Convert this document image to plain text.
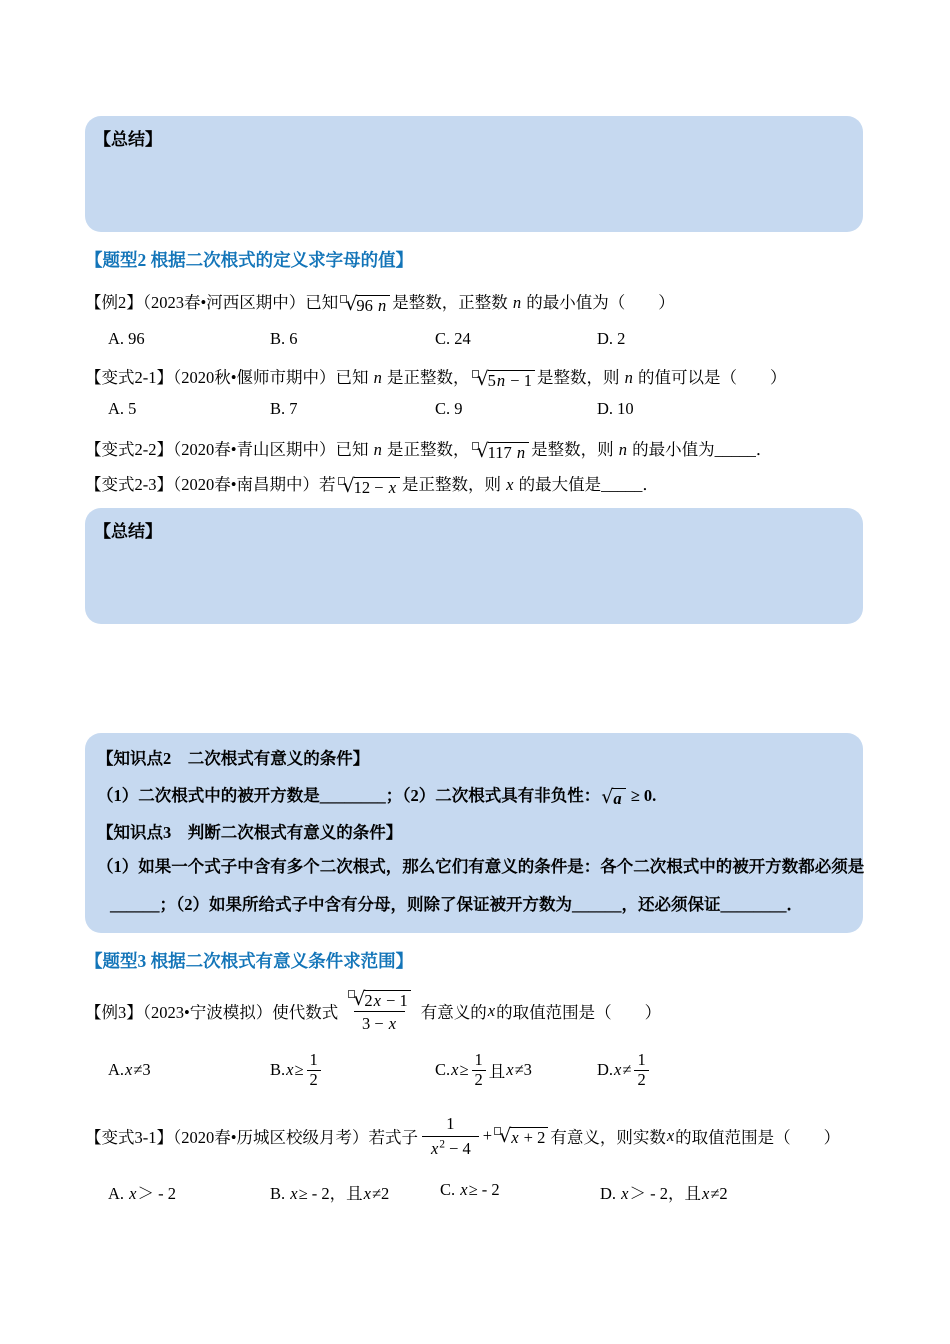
【总结】
【题型2 根据二次根式的定义求字母的值】
【例2】（2023春•河西区期中）已知 √ 96 n 是整数，正整数 n 的最小值为（　　）
A. 96	B. 6	C. 24	D. 2
【变式2-1】（2020秋•偃师市期中）已知 n 是正整数， √ 5n − 1 是整数，则 n 的值可以是（　　）
A. 5	B. 7	C. 9	D. 10
【变式2-2】（2020春•青山区期中）已知 n 是正整数， √ 117 n 是整数，则 n 的最小值为_____．
【变式2-3】（2020春•南昌期中）若 √ 12 − x 是正整数，则 x 的最大值是_____．
【总结】
【知识点2　二次根式有意义的条件】
（1）二次根式中的被开方数是________；（2）二次根式具有非负性： √ a ≥ 0.
【知识点3　判断二次根式有意义的条件】
（1）如果一个式子中含有多个二次根式，那么它们有意义的条件是：各个二次根式中的被开方数都必须是
______；（2）如果所给式子中含有分母，则除了保证被开方数为______，还必须保证________．
【题型3 根据二次根式有意义条件求范围】
【例3】（2023•宁波模拟）使代数式
√ 2x − 1
3 − x
有意义的 x 的取值范围是（　　）
A. x ≠3	B. $x \ge \frac{1}{2}$	C. $x \ge \frac{1}{2}$ 且 x ≠3	D. $x \ne \frac{1}{2}$
【变式3-1】（2020春•历城区校级月考）若式子
1
$x^2 - 4$
+ √ x + 2 有意义，则实数 x 的取值范围是（　　）
A. x＞ - 2	B. x≥ - 2，且x≠2	C. x≥ - 2	D. x＞ - 2，且x≠2
